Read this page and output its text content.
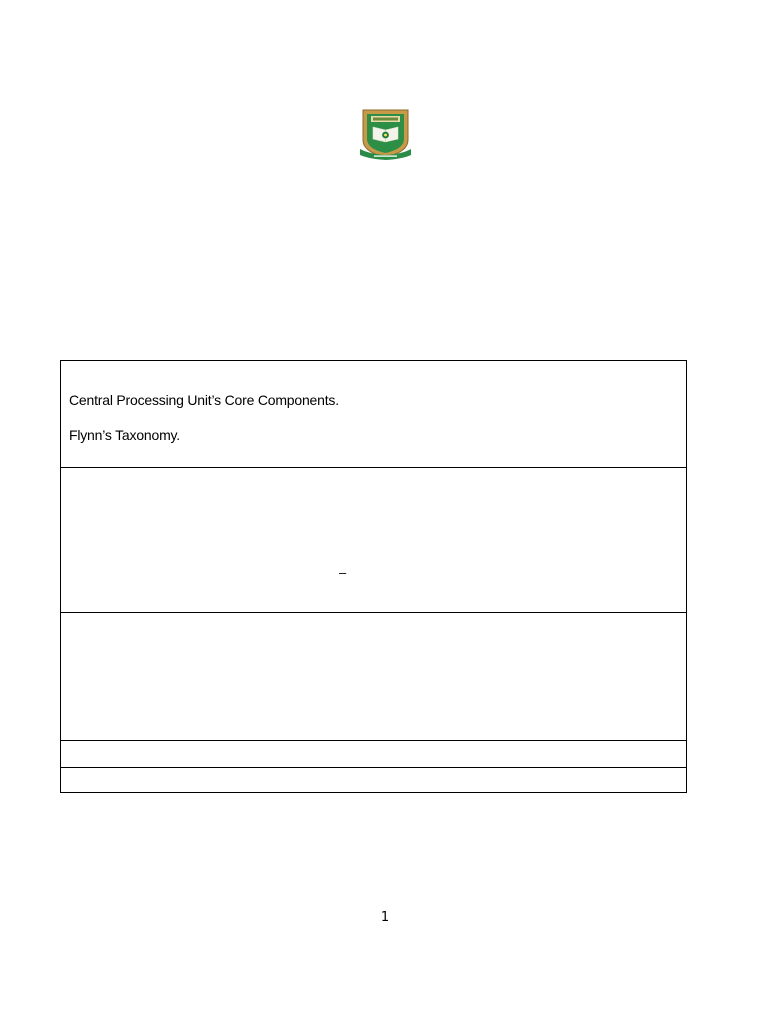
Central Processing Unit’s Core Components.
Flynn’s Taxonomy.
–
1
